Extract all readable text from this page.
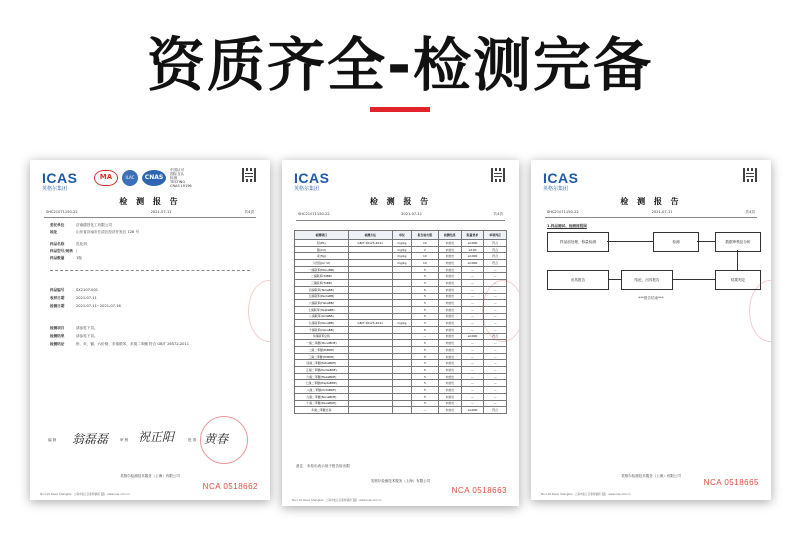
资质齐全-检测完备
ICAS
英格尔集团
MA	ILAC	CNAS
中国认可
国际互认
检测
TESTING
CNAS L9196
检 测 报 告
SHC21071150-22	2021-07-11	共4页
委托单位	济南德昌化工有限公司
地址	山东省济南市长清区经济开发区 128 号
样品名称	乳化剂
样品型号/规格 /
样品数量	1瓶
样品编号	SX2107-001
收样日期	2021-07-11
检测日期	2021-07-11~2021-07-16
检测项目	请参见下页。
检测结果	请参见下页。
检测结论	铅、汞、镉、六价铬、多溴联苯、多溴二苯醚 符合 GB/T 26572-2011
编 制 翁磊磊	审 核 祝正阳	批 准 黄春
NCA 0518662
英格尔检测技术服务（上海）有限公司
No.1-01 Road, Shanghai · 上海市松江区新桥镇新飞路 · www.icas.com.cn
ICAS
英格尔集团
检 测 报 告
SHC21071150-22	2021-07-11	共4页
检测项目	检测方法	单位	报告检出限	检测结果	限量要求	单项判定
铅(Pb)	GB/T 26125-2011	mg/kg	10	未检出	≤1000	符合
镉(Cd)		mg/kg	2	未检出	≤100	符合
汞(Hg)		mg/kg	10	未检出	≤1000	符合
六价铬(Cr VI)		mg/kg	10	未检出	≤1000	符合
一溴联苯(MonoBB)			5	未检出	—	—
二溴联苯(DiBB)			5	未检出	—	—
三溴联苯(TriBB)			5	未检出	—	—
四溴联苯(TetraBB)			5	未检出	—	—
五溴联苯(PentaBB)			5	未检出	—	—
六溴联苯(HexaBB)			5	未检出	—	—
七溴联苯(HeptaBB)			5	未检出	—	—
八溴联苯(OctaBB)			5	未检出	—	—
九溴联苯(NonaBB)	GB/T 26125-2011	mg/kg	5	未检出	—	—
十溴联苯(DecaBB)			5	未检出	—	—
多溴联苯总和			—	未检出	≤1000	符合
一溴二苯醚(MonoBDE)			5	未检出	—	—
二溴二苯醚(DiBDE)			5	未检出	—	—
三溴二苯醚(TriBDE)			5	未检出	—	—
四溴二苯醚(TetraBDE)			5	未检出	—	—
五溴二苯醚(PentaBDE)			5	未检出	—	—
六溴二苯醚(HexaBDE)			5	未检出	—	—
七溴二苯醚(HeptaBDE)			5	未检出	—	—
八溴二苯醚(OctaBDE)			5	未检出	—	—
九溴二苯醚(NonaBDE)			5	未检出	—	—
十溴二苯醚(DecaBDE)			5	未检出	—	—
多溴二苯醚总和			—	未检出	≤1000	符合
备注：未检出表示低于报告检出限
英格尔检测技术服务（上海）有限公司
NCA 0518663
No.1-01 Road, Shanghai · 上海市松江区新桥镇新飞路 · www.icas.com.cn
ICAS
英格尔集团
检 测 报 告
SHC21071150-22	2021-07-11	共4页
1.样品测试、检测流程图
样品前处理、称量检测	检测	数据审核及分析
结果判定
结论，出具报告
出具报告
***报告结束***
英格尔检测技术服务（上海）有限公司
NCA 0518665
No.1-01 Road, Shanghai · 上海市松江区新桥镇新飞路 · www.icas.com.cn
